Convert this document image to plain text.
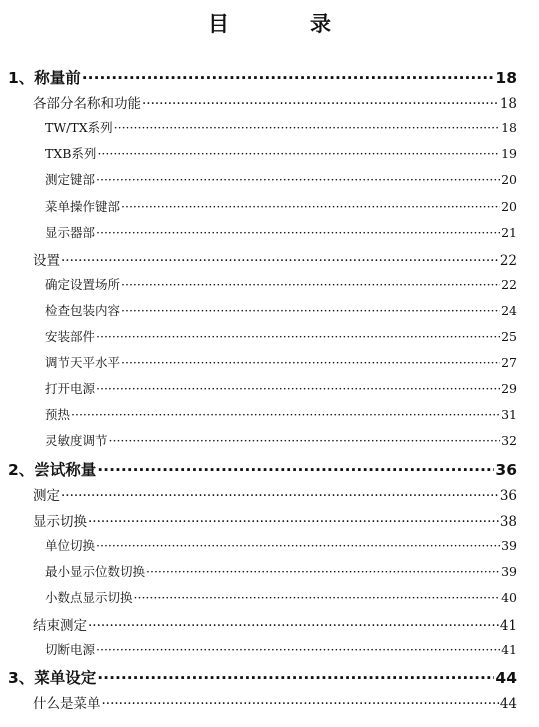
目　录
1、称量前 ·····	18
各部分名称和功能 ·····	18
TW/TX系列 ·····	18
TXB系列 ·····	19
测定键部 ·····	20
菜单操作键部 ·····	20
显示器部 ·····	21
设置 ·····	22
确定设置场所 ·····	22
检查包装内容 ·····	24
安装部件 ·····	25
调节天平水平 ·····	27
打开电源 ·····	29
预热 ·····	31
灵敏度调节 ·····	32
2、尝试称量 ·····	36
测定 ·····	36
显示切换 ·····	38
单位切换 ·····	39
最小显示位数切换 ·····	39
小数点显示切换 ·····	40
结束测定 ·····	41
切断电源 ·····	41
3、菜单设定 ·····	44
什么是菜单 ·····	44
